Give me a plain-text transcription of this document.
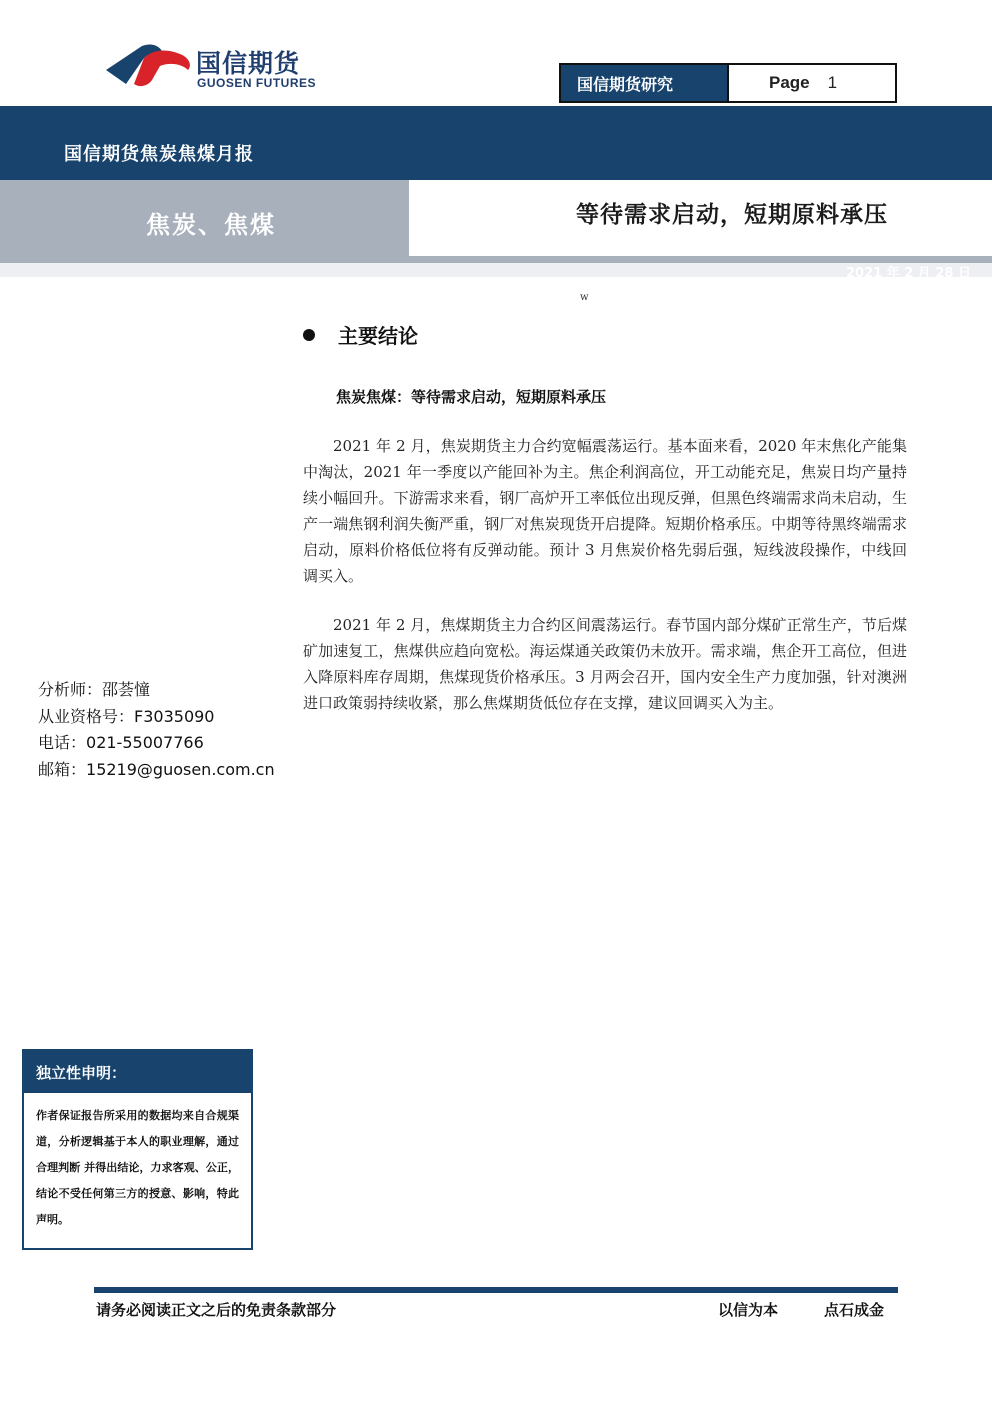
国信期货
GUOSEN FUTURES	国信期货研究	Page 1
国信期货焦炭焦煤月报
焦炭、焦煤	等待需求启动，短期原料承压
2021 年 2 月 28 日
w
主要结论
焦炭焦煤：等待需求启动，短期原料承压

2021 年 2 月，焦炭期货主力合约宽幅震荡运行。基本面来看，2020 年末焦化产能集中淘汰，2021 年一季度以产能回补为主。焦企利润高位，开工动能充足，焦炭日均产量持续小幅回升。下游需求来看，钢厂高炉开工率低位出现反弹，但黑色终端需求尚未启动，生产一端焦钢利润失衡严重，钢厂对焦炭现货开启提降。短期价格承压。中期等待黑终端需求启动，原料价格低位将有反弹动能。预计 3 月焦炭价格先弱后强，短线波段操作，中线回调买入。

2021 年 2 月，焦煤期货主力合约区间震荡运行。春节国内部分煤矿正常生产，节后煤矿加速复工，焦煤供应趋向宽松。海运煤通关政策仍未放开。需求端，焦企开工高位，但进入降原料库存周期，焦煤现货价格承压。3 月两会召开，国内安全生产力度加强，针对澳洲进口政策弱持续收紧，那么焦煤期货低位存在支撑，建议回调买入为主。

分析师：邵荟憧
从业资格号：F3035090
电话：021-55007766
邮箱：15219@guosen.com.cn
独立性申明：
作者保证报告所采用的数据均来自合规渠道，分析逻辑基于本人的职业理解，通过合理判断 并得出结论，力求客观、公正，结论不受任何第三方的授意、影响，特此声明。
请务必阅读正文之后的免责条款部分	以信为本	点石成金
